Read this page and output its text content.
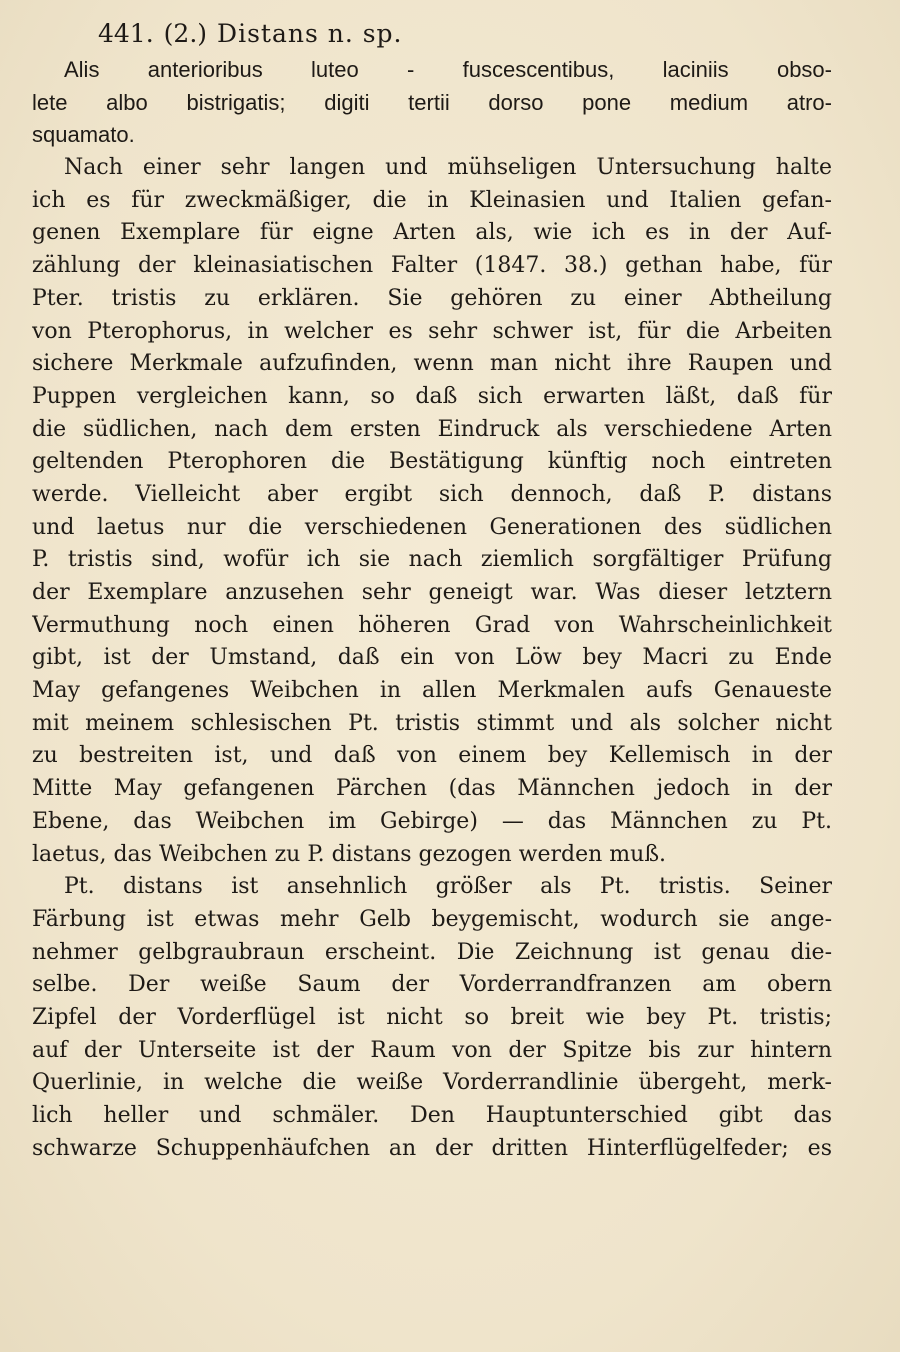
441. (2.) Distans n. sp.
Alis anterioribus luteo - fuscescentibus, laciniis obso-
lete albo bistrigatis; digiti tertii dorso pone medium atro-
squamato.
Nach einer sehr langen und mühseligen Untersuchung halte
ich es für zweckmäßiger, die in Kleinasien und Italien gefan-
genen Exemplare für eigne Arten als, wie ich es in der Auf-
zählung der kleinasiatischen Falter (1847. 38.) gethan habe, für
Pter. tristis zu erklären. Sie gehören zu einer Abtheilung
von Pterophorus, in welcher es sehr schwer ist, für die Arbeiten
sichere Merkmale aufzufinden, wenn man nicht ihre Raupen und
Puppen vergleichen kann, so daß sich erwarten läßt, daß für
die südlichen, nach dem ersten Eindruck als verschiedene Arten
geltenden Pterophoren die Bestätigung künftig noch eintreten
werde. Vielleicht aber ergibt sich dennoch, daß P. distans
und laetus nur die verschiedenen Generationen des südlichen
P. tristis sind, wofür ich sie nach ziemlich sorgfältiger Prüfung
der Exemplare anzusehen sehr geneigt war. Was dieser letztern
Vermuthung noch einen höheren Grad von Wahrscheinlichkeit
gibt, ist der Umstand, daß ein von Löw bey Macri zu Ende
May gefangenes Weibchen in allen Merkmalen aufs Genaueste
mit meinem schlesischen Pt. tristis stimmt und als solcher nicht
zu bestreiten ist, und daß von einem bey Kellemisch in der
Mitte May gefangenen Pärchen (das Männchen jedoch in der
Ebene, das Weibchen im Gebirge) — das Männchen zu Pt.
laetus, das Weibchen zu P. distans gezogen werden muß.
Pt. distans ist ansehnlich größer als Pt. tristis. Seiner
Färbung ist etwas mehr Gelb beygemischt, wodurch sie ange-
nehmer gelbgraubraun erscheint. Die Zeichnung ist genau die-
selbe. Der weiße Saum der Vorderrandfranzen am obern
Zipfel der Vorderflügel ist nicht so breit wie bey Pt. tristis;
auf der Unterseite ist der Raum von der Spitze bis zur hintern
Querlinie, in welche die weiße Vorderrandlinie übergeht, merk-
lich heller und schmäler. Den Hauptunterschied gibt das
schwarze Schuppenhäufchen an der dritten Hinterflügelfeder; es
